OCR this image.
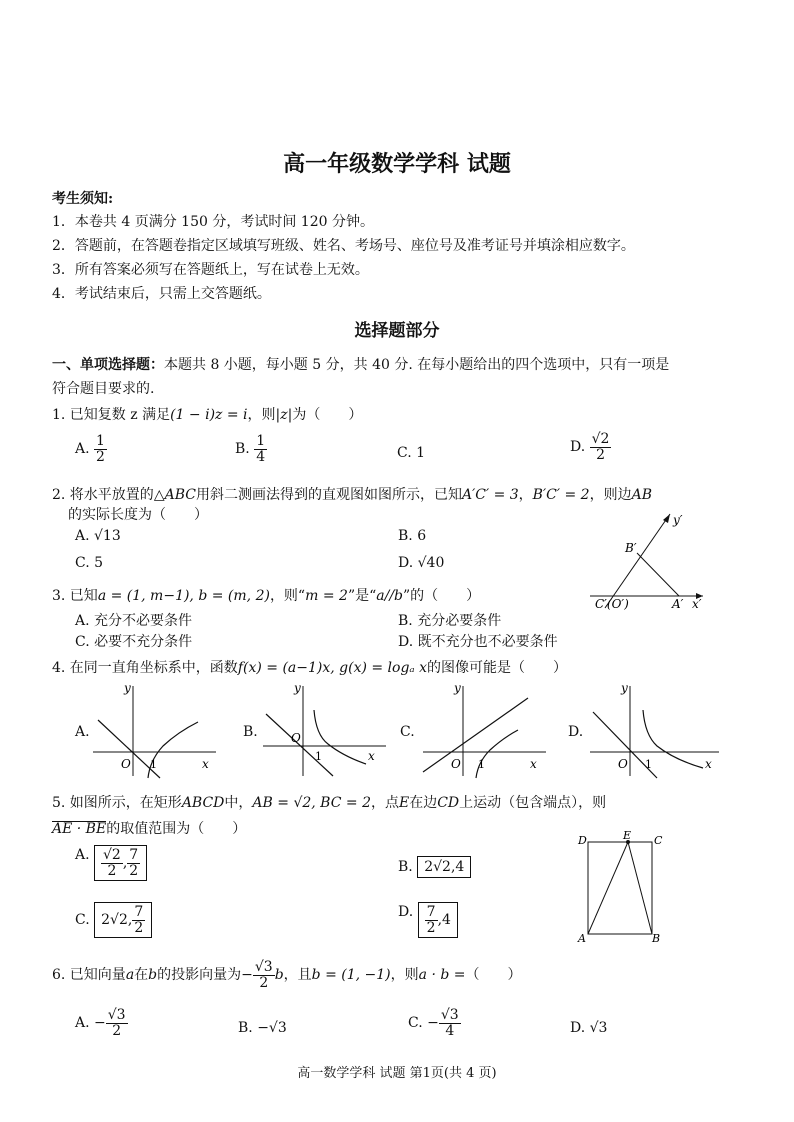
高一年级数学学科 试题
考生须知:
1．本卷共 4 页满分 150 分，考试时间 120 分钟。
2．答题前，在答题卷指定区域填写班级、姓名、考场号、座位号及准考证号并填涂相应数字。
3．所有答案必须写在答题纸上，写在试卷上无效。
4．考试结束后，只需上交答题纸。
选择题部分
一、单项选择题：本题共 8 小题，每小题 5 分，共 40 分. 在每小题给出的四个选项中，只有一项是
符合题目要求的.
1. 已知复数 z 满足(1 − i)z = i，则|z|为（　　）
A. $\frac{1}{2}$	B. $\frac{1}{4}$	C. 1	D. $\frac{√2}{2}$
2. 将水平放置的△ABC用斜二测画法得到的直观图如图所示，已知A′C′ = 3，B′C′ = 2，则边AB
的实际长度为（　　）
A. √13	B. 6
C. 5	D. √40
y′
B′
C′(O′)	A′ x′
3. 已知a = (1, m−1), b = (m, 2)，则“m = 2”是“a//b”的（　　）
A. 充分不必要条件	B. 充分必要条件
C. 必要不充分条件	D. 既不充分也不必要条件
4. 在同一直角坐标系中，函数f(x) = (a−1)x, g(x) = logₐ x的图像可能是（　　）
A.
y
x
O 1
B.
y
x
O
1
C.
y
x
O 1
D.
y
x
O 1
5. 如图所示，在矩形ABCD中，AB = √2, BC = 2，点E在边CD上运动（包含端点），则
AE · BE的取值范围为（　　）
A. $\frac{√2}{2}$ , $\frac{7}{2}$	B. 2√2 , 4
C. 2√2 , $\frac{7}{2}$	D. $\frac{7}{2}$ , 4
D	E C
A	B
6. 已知向量a在b的投影向量为− $\frac{√3}{2}$ b，且b = (1, −1)，则a · b =（　　）
A. − $\frac{√3}{2}$	B. −√3	C. − $\frac{√3}{4}$	D. √3
高一数学学科 试题 第1页(共 4 页)
